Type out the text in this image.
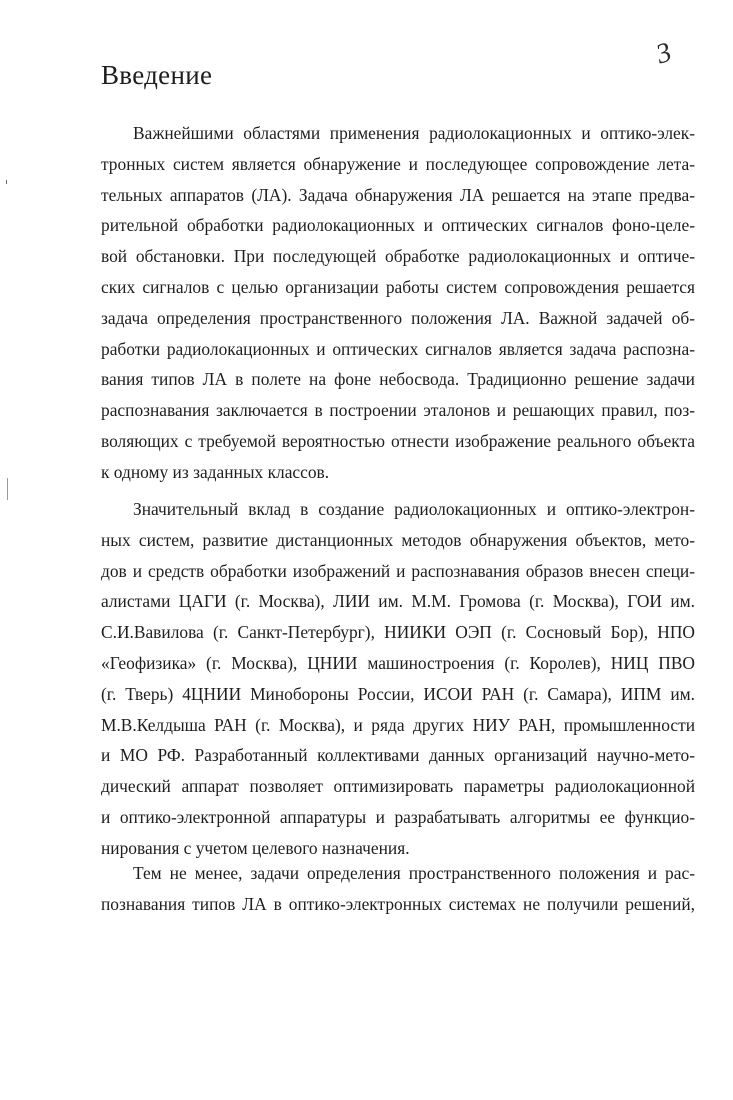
3
Введение
Важнейшими областями применения радиолокационных и оптико-элек-
тронных систем является обнаружение и последующее сопровождение лета-
тельных аппаратов (ЛА). Задача обнаружения ЛА решается на этапе предва-
рительной обработки радиолокационных и оптических сигналов фоно-целе-
вой обстановки. При последующей обработке радиолокационных и оптиче-
ских сигналов с целью организации работы систем сопровождения решается
задача определения пространственного положения ЛА. Важной задачей об-
работки радиолокационных и оптических сигналов является задача распозна-
вания типов ЛА в полете на фоне небосвода. Традиционно решение задачи
распознавания заключается в построении эталонов и решающих правил, поз-
воляющих с требуемой вероятностью отнести изображение реального объекта
к одному из заданных классов.
Значительный вклад в создание радиолокационных и оптико-электрон-
ных систем, развитие дистанционных методов обнаружения объектов, мето-
дов и средств обработки изображений и распознавания образов внесен специ-
алистами ЦАГИ (г. Москва), ЛИИ им. М.М. Громова (г. Москва), ГОИ им.
С.И.Вавилова (г. Санкт-Петербург), НИИКИ ОЭП (г. Сосновый Бор), НПО
«Геофизика» (г. Москва), ЦНИИ машиностроения (г. Королев), НИЦ ПВО
(г. Тверь) 4ЦНИИ Минобороны России, ИСОИ РАН (г. Самара), ИПМ им.
М.В.Келдыша РАН (г. Москва), и ряда других НИУ РАН, промышленности
и МО РФ. Разработанный коллективами данных организаций научно-мето-
дический аппарат позволяет оптимизировать параметры радиолокационной
и оптико-электронной аппаратуры и разрабатывать алгоритмы ее функцио-
нирования с учетом целевого назначения.
Тем не менее, задачи определения пространственного положения и рас-
познавания типов ЛА в оптико-электронных системах не получили решений,
